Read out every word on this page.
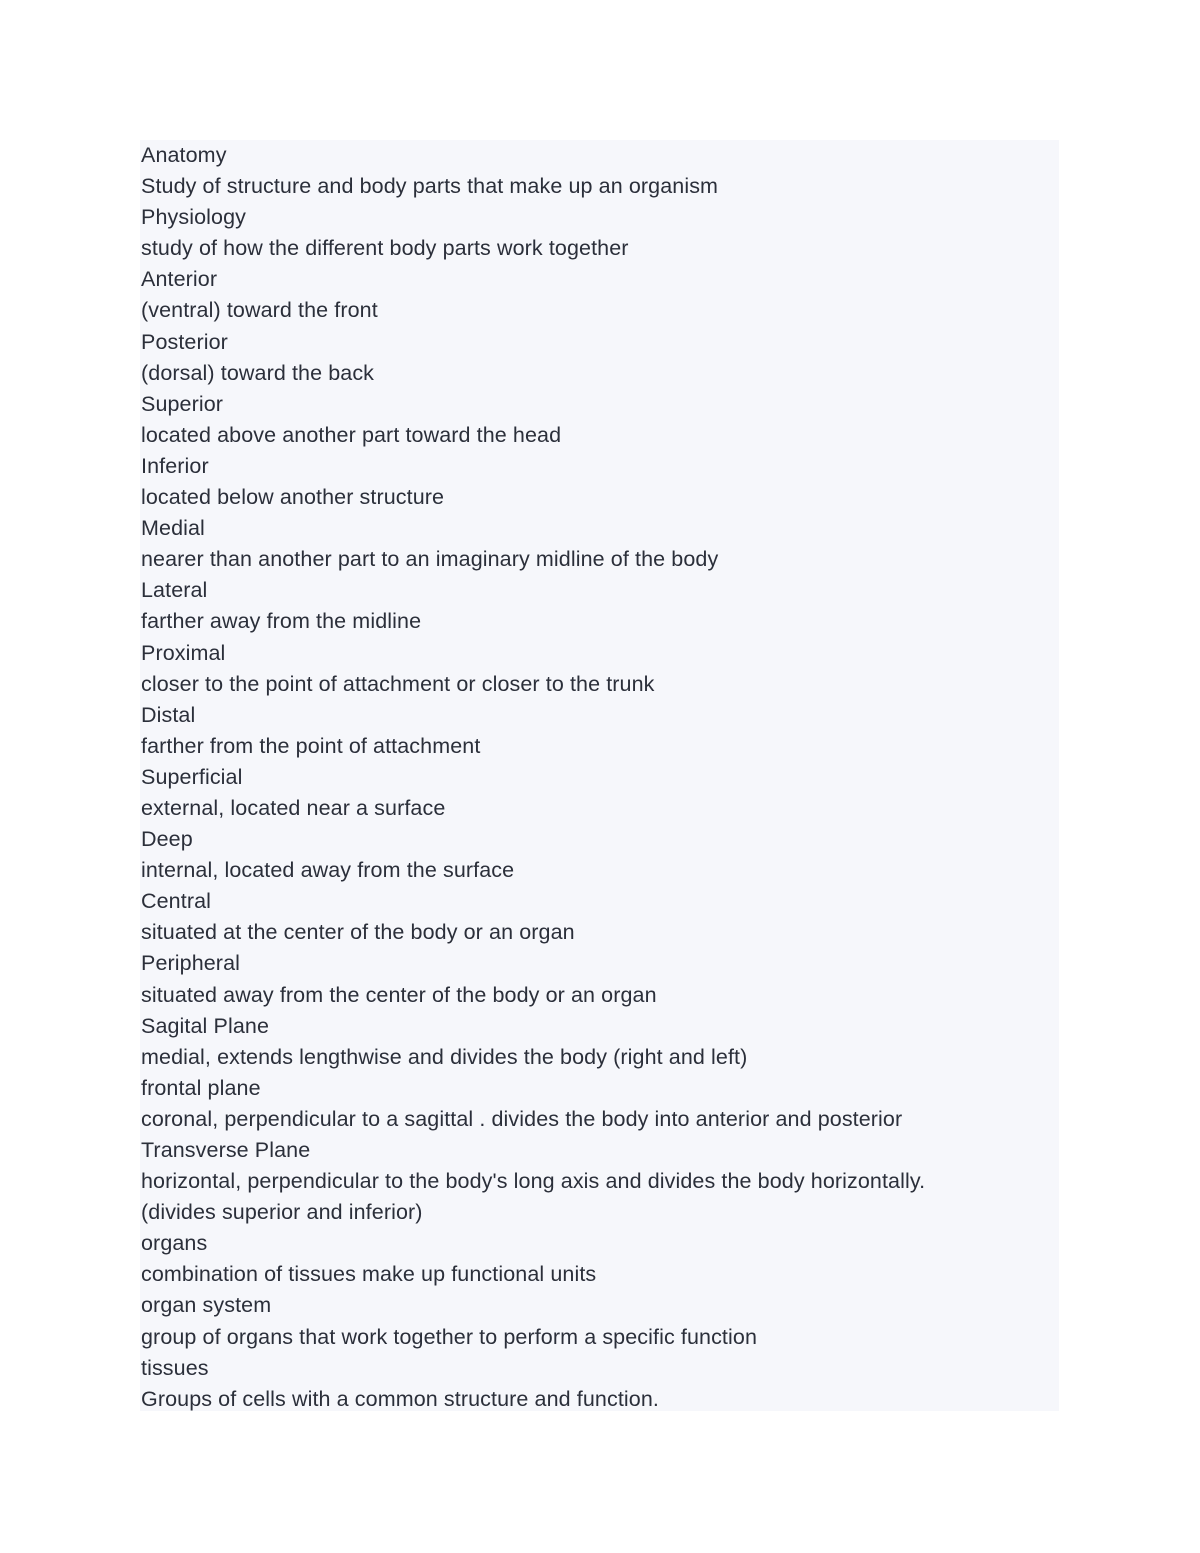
Anatomy
Study of structure and body parts that make up an organism
Physiology
study of how the different body parts work together
Anterior
(ventral) toward the front
Posterior
(dorsal) toward the back
Superior
located above another part toward the head
Inferior
located below another structure
Medial
nearer than another part to an imaginary midline of the body
Lateral
farther away from the midline
Proximal
closer to the point of attachment or closer to the trunk
Distal
farther from the point of attachment
Superficial
external, located near a surface
Deep
internal, located away from the surface
Central
situated at the center of the body or an organ
Peripheral
situated away from the center of the body or an organ
Sagital Plane
medial, extends lengthwise and divides the body (right and left)
frontal plane
coronal, perpendicular to a sagittal . divides the body into anterior and posterior
Transverse Plane
horizontal, perpendicular to the body's long axis and divides the body horizontally.
(divides superior and inferior)
organs
combination of tissues make up functional units
organ system
group of organs that work together to perform a specific function
tissues
Groups of cells with a common structure and function.
